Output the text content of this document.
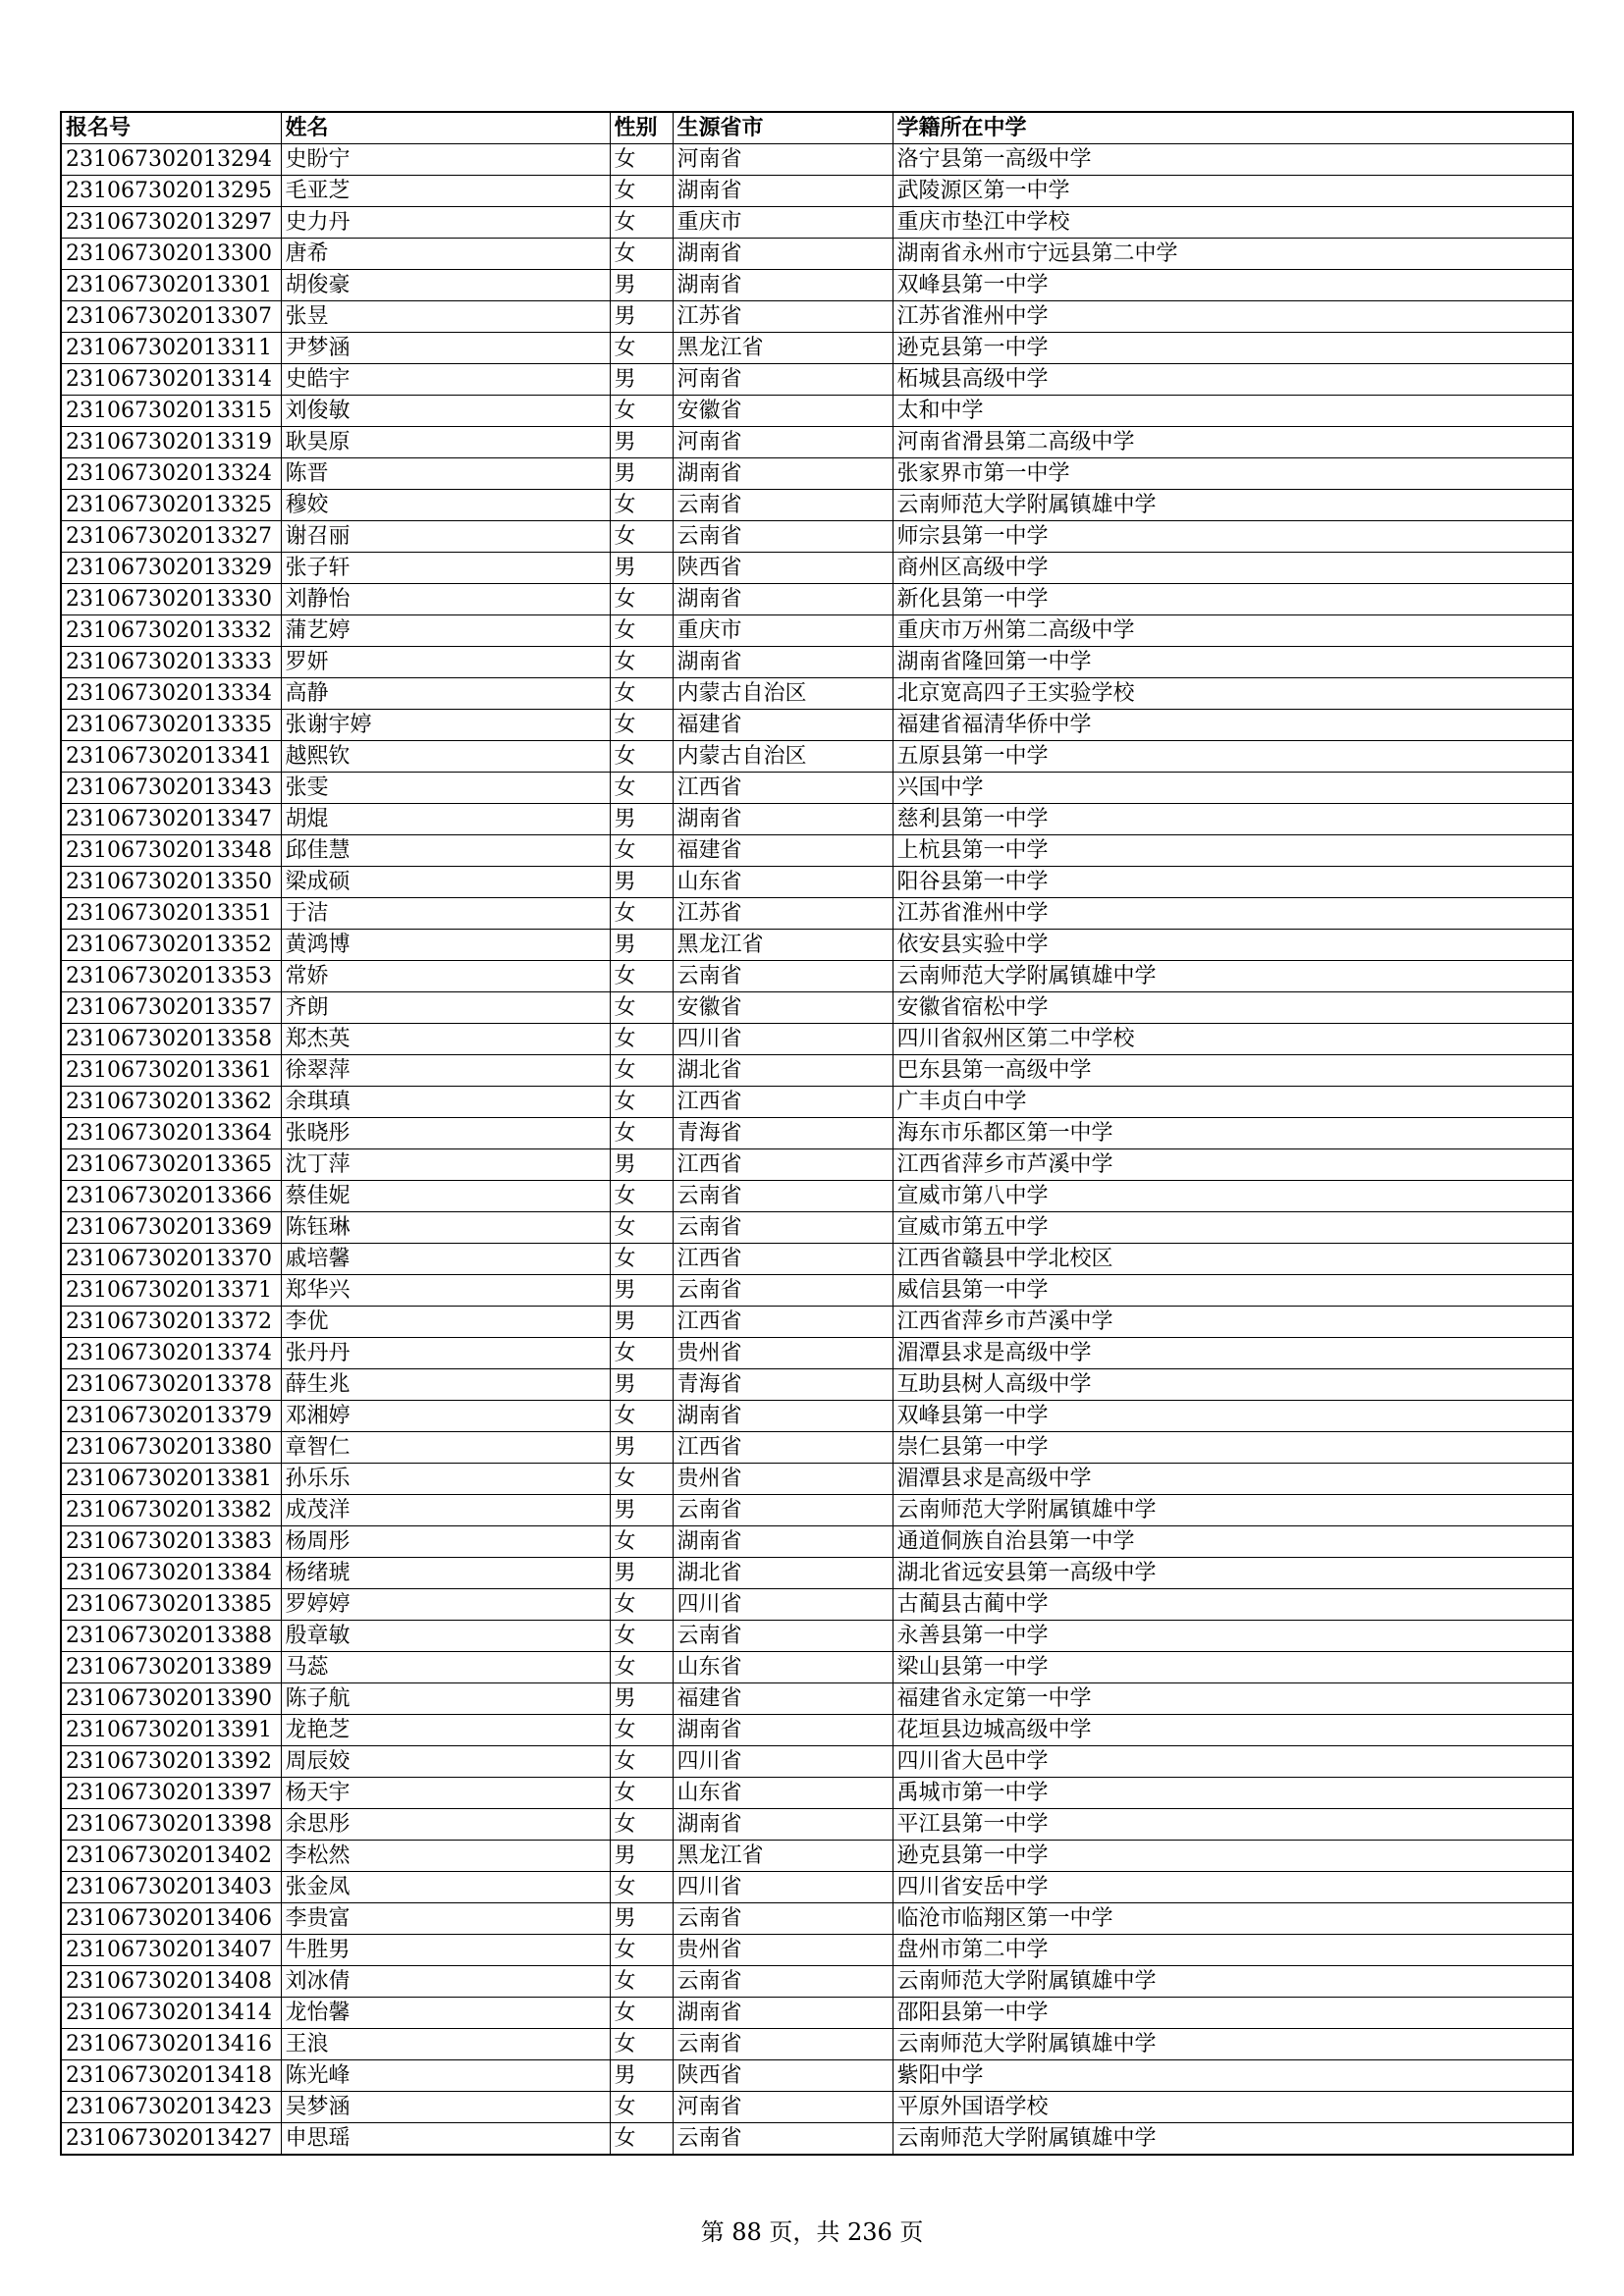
报名号	姓名	性别	生源省市	学籍所在中学
231067302013294	史盼宁	女	河南省	洛宁县第一高级中学
231067302013295	毛亚芝	女	湖南省	武陵源区第一中学
231067302013297	史力丹	女	重庆市	重庆市垫江中学校
231067302013300	唐希	女	湖南省	湖南省永州市宁远县第二中学
231067302013301	胡俊豪	男	湖南省	双峰县第一中学
231067302013307	张昱	男	江苏省	江苏省淮州中学
231067302013311	尹梦涵	女	黑龙江省	逊克县第一中学
231067302013314	史皓宇	男	河南省	柘城县高级中学
231067302013315	刘俊敏	女	安徽省	太和中学
231067302013319	耿昊原	男	河南省	河南省滑县第二高级中学
231067302013324	陈晋	男	湖南省	张家界市第一中学
231067302013325	穆姣	女	云南省	云南师范大学附属镇雄中学
231067302013327	谢召丽	女	云南省	师宗县第一中学
231067302013329	张子轩	男	陕西省	商州区高级中学
231067302013330	刘静怡	女	湖南省	新化县第一中学
231067302013332	蒲艺婷	女	重庆市	重庆市万州第二高级中学
231067302013333	罗妍	女	湖南省	湖南省隆回第一中学
231067302013334	高静	女	内蒙古自治区	北京宽高四子王实验学校
231067302013335	张谢宇婷	女	福建省	福建省福清华侨中学
231067302013341	越熙钦	女	内蒙古自治区	五原县第一中学
231067302013343	张雯	女	江西省	兴国中学
231067302013347	胡焜	男	湖南省	慈利县第一中学
231067302013348	邱佳慧	女	福建省	上杭县第一中学
231067302013350	梁成硕	男	山东省	阳谷县第一中学
231067302013351	于洁	女	江苏省	江苏省淮州中学
231067302013352	黄鸿博	男	黑龙江省	依安县实验中学
231067302013353	常娇	女	云南省	云南师范大学附属镇雄中学
231067302013357	齐朗	女	安徽省	安徽省宿松中学
231067302013358	郑杰英	女	四川省	四川省叙州区第二中学校
231067302013361	徐翠萍	女	湖北省	巴东县第一高级中学
231067302013362	余琪瑱	女	江西省	广丰贞白中学
231067302013364	张晓彤	女	青海省	海东市乐都区第一中学
231067302013365	沈丁萍	男	江西省	江西省萍乡市芦溪中学
231067302013366	蔡佳妮	女	云南省	宣威市第八中学
231067302013369	陈钰琳	女	云南省	宣威市第五中学
231067302013370	戚培馨	女	江西省	江西省赣县中学北校区
231067302013371	郑华兴	男	云南省	威信县第一中学
231067302013372	李优	男	江西省	江西省萍乡市芦溪中学
231067302013374	张丹丹	女	贵州省	湄潭县求是高级中学
231067302013378	薛生兆	男	青海省	互助县树人高级中学
231067302013379	邓湘婷	女	湖南省	双峰县第一中学
231067302013380	章智仁	男	江西省	崇仁县第一中学
231067302013381	孙乐乐	女	贵州省	湄潭县求是高级中学
231067302013382	成茂洋	男	云南省	云南师范大学附属镇雄中学
231067302013383	杨周彤	女	湖南省	通道侗族自治县第一中学
231067302013384	杨绪琥	男	湖北省	湖北省远安县第一高级中学
231067302013385	罗婷婷	女	四川省	古蔺县古蔺中学
231067302013388	殷章敏	女	云南省	永善县第一中学
231067302013389	马蕊	女	山东省	梁山县第一中学
231067302013390	陈子航	男	福建省	福建省永定第一中学
231067302013391	龙艳芝	女	湖南省	花垣县边城高级中学
231067302013392	周辰姣	女	四川省	四川省大邑中学
231067302013397	杨天宇	女	山东省	禹城市第一中学
231067302013398	余思彤	女	湖南省	平江县第一中学
231067302013402	李松然	男	黑龙江省	逊克县第一中学
231067302013403	张金凤	女	四川省	四川省安岳中学
231067302013406	李贵富	男	云南省	临沧市临翔区第一中学
231067302013407	牛胜男	女	贵州省	盘州市第二中学
231067302013408	刘冰倩	女	云南省	云南师范大学附属镇雄中学
231067302013414	龙怡馨	女	湖南省	邵阳县第一中学
231067302013416	王浪	女	云南省	云南师范大学附属镇雄中学
231067302013418	陈光峰	男	陕西省	紫阳中学
231067302013423	吴梦涵	女	河南省	平原外国语学校
231067302013427	申思瑶	女	云南省	云南师范大学附属镇雄中学
第 88 页，共 236 页
